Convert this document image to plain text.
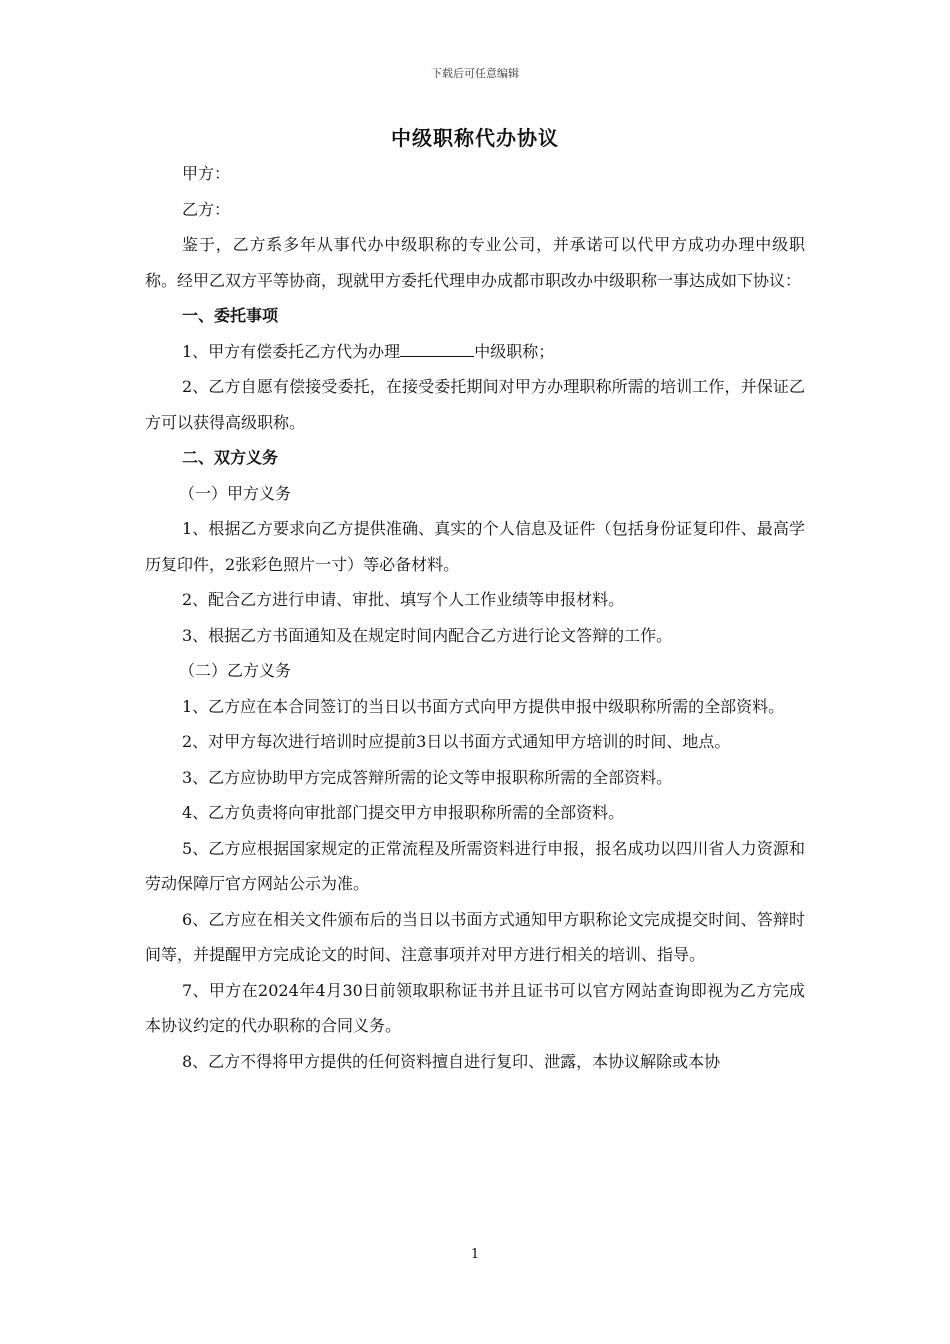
下载后可任意编辑
中级职称代办协议

甲方：

乙方：

鉴于，乙方系多年从事代办中级职称的专业公司，并承诺可以代甲方成功办理中级职称。经甲乙双方平等协商，现就甲方委托代理申办成都市职改办中级职称一事达成如下协议：

一、委托事项

1、甲方有偿委托乙方代为办理	中级职称；

2、乙方自愿有偿接受委托，在接受委托期间对甲方办理职称所需的培训工作，并保证乙方可以获得高级职称。

二、双方义务

（一）甲方义务

1、根据乙方要求向乙方提供准确、真实的个人信息及证件（包括身份证复印件、最高学历复印件，2张彩色照片一寸）等必备材料。

2、配合乙方进行申请、审批、填写个人工作业绩等申报材料。

3、根据乙方书面通知及在规定时间内配合乙方进行论文答辩的工作。

（二）乙方义务

1、乙方应在本合同签订的当日以书面方式向甲方提供申报中级职称所需的全部资料。

2、对甲方每次进行培训时应提前3日以书面方式通知甲方培训的时间、地点。

3、乙方应协助甲方完成答辩所需的论文等申报职称所需的全部资料。

4、乙方负责将向审批部门提交甲方申报职称所需的全部资料。

5、乙方应根据国家规定的正常流程及所需资料进行申报，报名成功以四川省人力资源和劳动保障厅官方网站公示为准。

6、乙方应在相关文件颁布后的当日以书面方式通知甲方职称论文完成提交时间、答辩时间等，并提醒甲方完成论文的时间、注意事项并对甲方进行相关的培训、指导。

7、甲方在2024年4月30日前领取职称证书并且证书可以官方网站查询即视为乙方完成本协议约定的代办职称的合同义务。

8、乙方不得将甲方提供的任何资料擅自进行复印、泄露，本协议解除或本协

1
